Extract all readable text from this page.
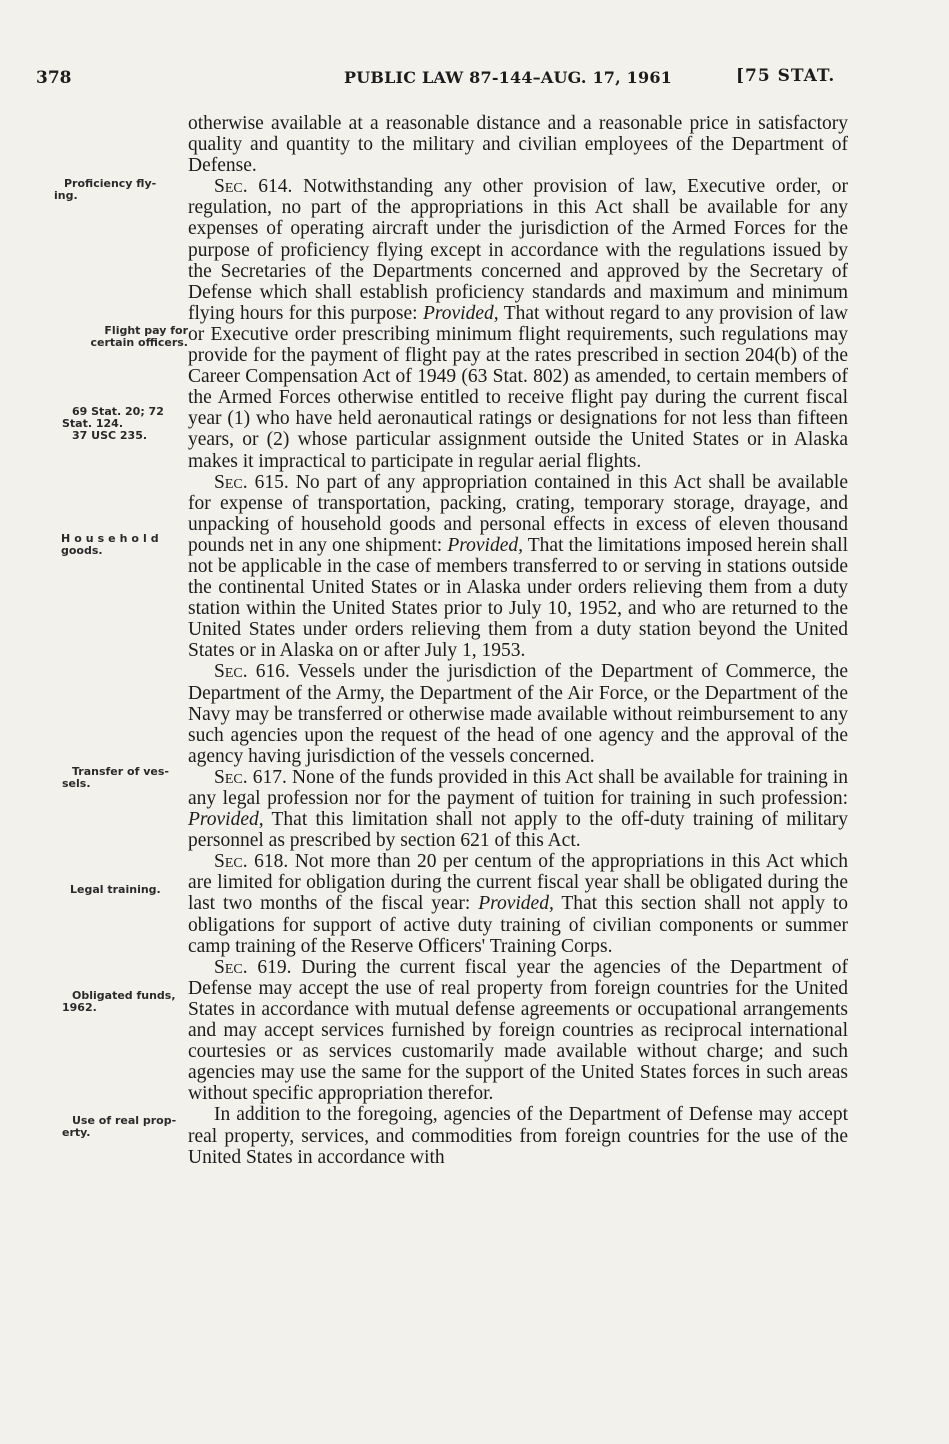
378	PUBLIC LAW 87-144–AUG. 17, 1961	[75 STAT.
Proficiency fly-
ing.
Flight pay for
certain officers.
69 Stat. 20; 72
Stat. 124.
37 USC 235.
Household
goods.
Transfer of ves-
sels.
Legal training.
Obligated funds,
1962.
Use of real prop-
erty.

otherwise available at a reasonable distance and a reasonable price in satisfactory quality and quantity to the military and civilian employees of the Department of Defense.

Sec. 614. Notwithstanding any other provision of law, Executive order, or regulation, no part of the appropriations in this Act shall be available for any expenses of operating aircraft under the jurisdiction of the Armed Forces for the purpose of proficiency flying except in accordance with the regulations issued by the Secretaries of the Departments concerned and approved by the Secretary of Defense which shall establish proficiency standards and maximum and minimum flying hours for this purpose: Provided, That without regard to any provision of law or Executive order prescribing minimum flight requirements, such regulations may provide for the payment of flight pay at the rates prescribed in section 204(b) of the Career Compensation Act of 1949 (63 Stat. 802) as amended, to certain members of the Armed Forces otherwise entitled to receive flight pay during the current fiscal year (1) who have held aeronautical ratings or designations for not less than fifteen years, or (2) whose particular assignment outside the United States or in Alaska makes it impractical to participate in regular aerial flights.

Sec. 615. No part of any appropriation contained in this Act shall be available for expense of transportation, packing, crating, temporary storage, drayage, and unpacking of household goods and personal effects in excess of eleven thousand pounds net in any one shipment: Provided, That the limitations imposed herein shall not be applicable in the case of members transferred to or serving in stations outside the continental United States or in Alaska under orders relieving them from a duty station within the United States prior to July 10, 1952, and who are returned to the United States under orders relieving them from a duty station beyond the United States or in Alaska on or after July 1, 1953.

Sec. 616. Vessels under the jurisdiction of the Department of Commerce, the Department of the Army, the Department of the Air Force, or the Department of the Navy may be transferred or otherwise made available without reimbursement to any such agencies upon the request of the head of one agency and the approval of the agency having jurisdiction of the vessels concerned.

Sec. 617. None of the funds provided in this Act shall be available for training in any legal profession nor for the payment of tuition for training in such profession: Provided, That this limitation shall not apply to the off-duty training of military personnel as prescribed by section 621 of this Act.

Sec. 618. Not more than 20 per centum of the appropriations in this Act which are limited for obligation during the current fiscal year shall be obligated during the last two months of the fiscal year: Provided, That this section shall not apply to obligations for support of active duty training of civilian components or summer camp training of the Reserve Officers' Training Corps.

Sec. 619. During the current fiscal year the agencies of the Department of Defense may accept the use of real property from foreign countries for the United States in accordance with mutual defense agreements or occupational arrangements and may accept services furnished by foreign countries as reciprocal international courtesies or as services customarily made available without charge; and such agencies may use the same for the support of the United States forces in such areas without specific appropriation therefor.

In addition to the foregoing, agencies of the Department of Defense may accept real property, services, and commodities from foreign countries for the use of the United States in accordance with
